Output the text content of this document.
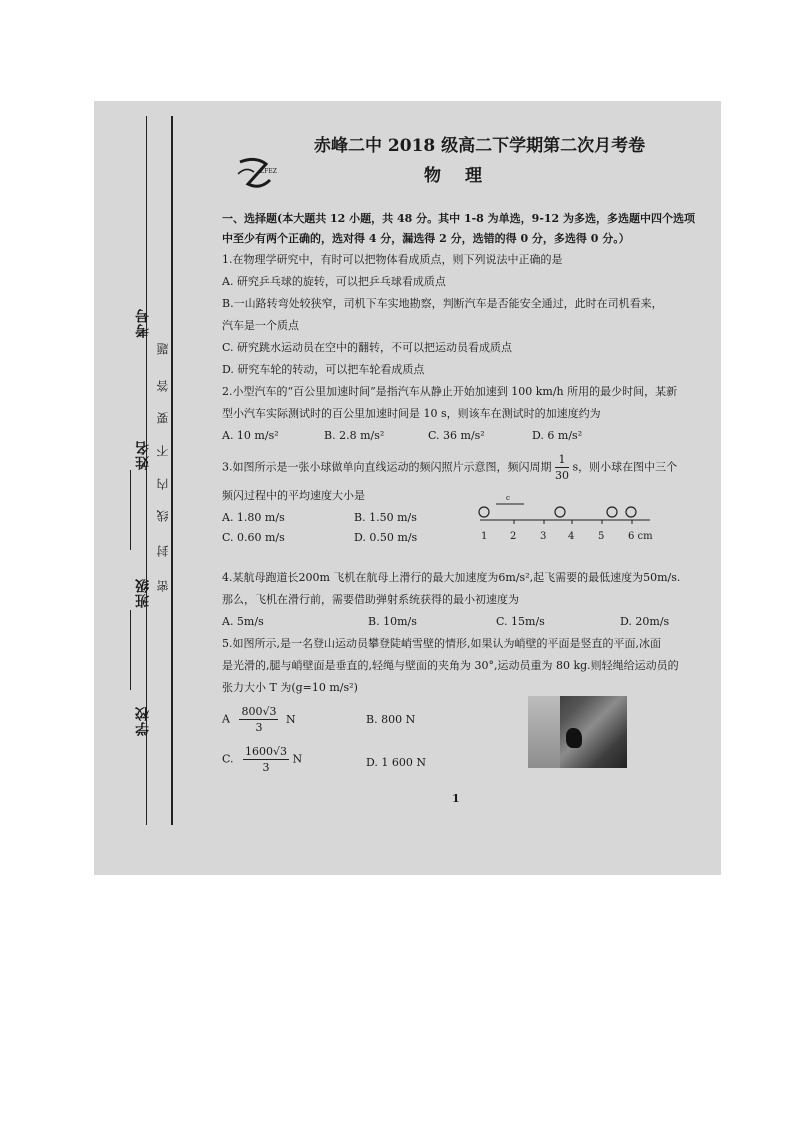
考号
姓名
班级
学校
密
封
线
内
不
要
答
题
赤峰二中 2018 级高二下学期第二次月考卷
ZFEZ	物理
一、选择题(本大题共 12 小题，共 48 分。其中 1-8 为单选，9-12 为多选，多选题中四个选项
中至少有两个正确的，选对得 4 分，漏选得 2 分，选错的得 0 分，多选得 0 分。）
1.在物理学研究中，有时可以把物体看成质点，则下列说法中正确的是
A. 研究乒乓球的旋转，可以把乒乓球看成质点
B.一山路转弯处较狭窄，司机下车实地勘察，判断汽车是否能安全通过，此时在司机看来，
汽车是一个质点
C. 研究跳水运动员在空中的翻转，不可以把运动员看成质点
D. 研究车轮的转动，可以把车轮看成质点
2.小型汽车的“百公里加速时间”是指汽车从静止开始加速到 100 km/h 所用的最少时间，某新
型小汽车实际测试时的百公里加速时间是 10 s，则该车在测试时的加速度约为
A. 10 m/s²	B. 2.8 m/s²	C. 36 m/s²	D. 6 m/s²
3.如图所示是一张小球做单向直线运动的频闪照片示意图，频闪周期 $\frac{1}{30}$ s，则小球在图中三个
频闪过程中的平均速度大小是
A. 1.80 m/s	B. 1.50 m/s
C. 0.60 m/s	D. 0.50 m/s
c
1 2 3 4 5 6 cm
4.某航母跑道长200m 飞机在航母上滑行的最大加速度为6m/s²,起飞需要的最低速度为50m/s.
那么，飞机在滑行前，需要借助弹射系统获得的最小初速度为
A. 5m/s	B. 10m/s	C. 15m/s	D. 20m/s
5.如图所示,是一名登山运动员攀登陡峭雪壁的情形,如果认为峭壁的平面是竖直的平面,冰面
是光滑的,腿与峭壁面是垂直的,轻绳与壁面的夹角为 30°,运动员重为 80 kg.则轻绳给运动员的
张力大小 T 为(g=10 m/s²)
A $\frac{800√3}{3}$ N	B. 800 N
C. $\frac{1600√3}{3}$ N	D. 1 600 N
1
